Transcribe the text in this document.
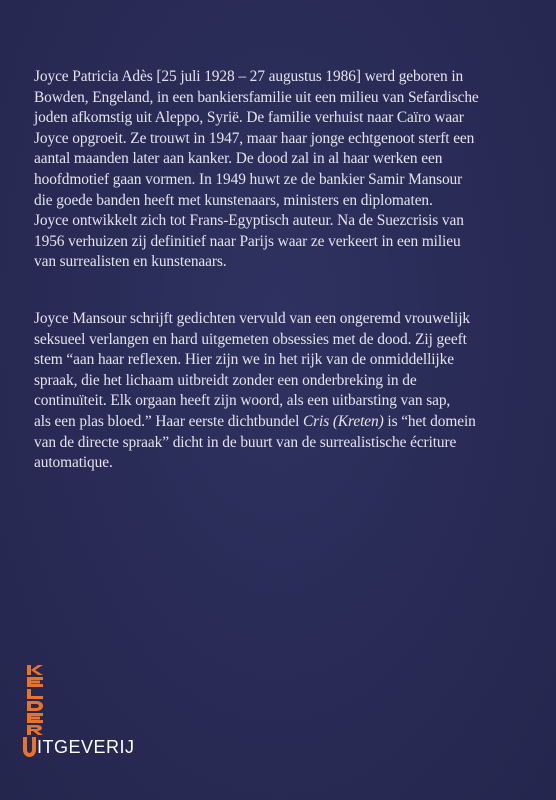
Joyce Patricia Adès [25 juli 1928 – 27 augustus 1986] werd geboren in
Bowden, Engeland, in een bankiersfamilie uit een milieu van Sefardische
joden afkomstig uit Aleppo, Syrië. De familie verhuist naar Caïro waar
Joyce opgroeit. Ze trouwt in 1947, maar haar jonge echtgenoot sterft een
aantal maanden later aan kanker. De dood zal in al haar werken een
hoofdmotief gaan vormen. In 1949 huwt ze de bankier Samir Mansour
die goede banden heeft met kunstenaars, ministers en diplomaten.
Joyce ontwikkelt zich tot Frans-Egyptisch auteur. Na de Suezcrisis van
1956 verhuizen zij definitief naar Parijs waar ze verkeert in een milieu
van surrealisten en kunstenaars.
Joyce Mansour schrijft gedichten vervuld van een ongeremd vrouwelijk
seksueel verlangen en hard uitgemeten obsessies met de dood. Zij geeft
stem “aan haar reflexen. Hier zijn we in het rijk van de onmiddellijke
spraak, die het lichaam uitbreidt zonder een onderbreking in de
continuïteit. Elk orgaan heeft zijn woord, als een uitbarsting van sap,
als een plas bloed.” Haar eerste dichtbundel Cris (Kreten) is “het domein
van de directe spraak” dicht in de buurt van de surrealistische écriture
automatique.
ITGEVERIJ
